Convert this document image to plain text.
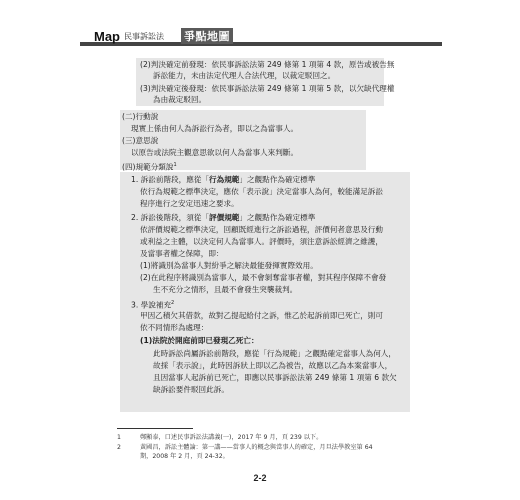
Map 民事訴訟法 爭點地圖
(2)判決確定前發現：依民事訴訟法第 249 條第 1 項第 4 款，原告或被告無
訴訟能力，未由法定代理人合法代理，以裁定駁回之。
(3)判決確定後發現：依民事訴訟法第 249 條第 1 項第 5 款，以欠缺代理權
為由裁定駁回。
(二)行動說
現實上係由何人為訴訟行為者，即以之為當事人。
(三)意思說
以原告或法院主觀意思欲以何人為當事人來判斷。
(四)規範分類說$^1$
1. 訴訟前階段，應從「行為規範」之觀點作為確定標準
依行為規範之標準決定，應依「表示說」決定當事人為何，較能滿足訴訟
程序進行之安定迅速之要求。
2. 訴訟後階段，須從「評價規範」之觀點作為確定標準
依評價規範之標準決定，回顧既經進行之訴訟過程，評價何者意思及行動
或利益之主體，以決定何人為當事人。評價時，須注意訴訟經濟之維護，
及當事者權之保障，即：
(1)將識別為當事人對紛爭之解決最能發揮實際效用。
(2)在此程序將識別為當事人，最不會剝奪當事者權，對其程序保障不會發
生不充分之情形，且最不會發生突襲裁判。
3. 學說補充$^2$
甲因乙積欠其借款，故對乙提起給付之訴，惟乙於起訴前即已死亡，則可
依不同情形為處理：
(1)法院於開庭前即已發現乙死亡：
此時訴訟尚屬訴訟前階段，應從「行為規範」之觀點確定當事人為何人，
故採「表示說」，此時因訴狀上即以乙為被告，故應以乙為本案當事人，
且因當事人起訴前已死亡，即應以民事訴訟法第 249 條第 1 項第 6 款欠
缺訴訟要件駁回此訴。
1	鄭顯泰，口述民事訴訟法講義(一)，2017 年 9 月，頁 239 以下。
2	黃國昌，訴訟主體論：第一講——當事人的概念與當事人的確定，月旦法學教室第 64
期，2008 年 2 月，頁 24-32。
2-2
